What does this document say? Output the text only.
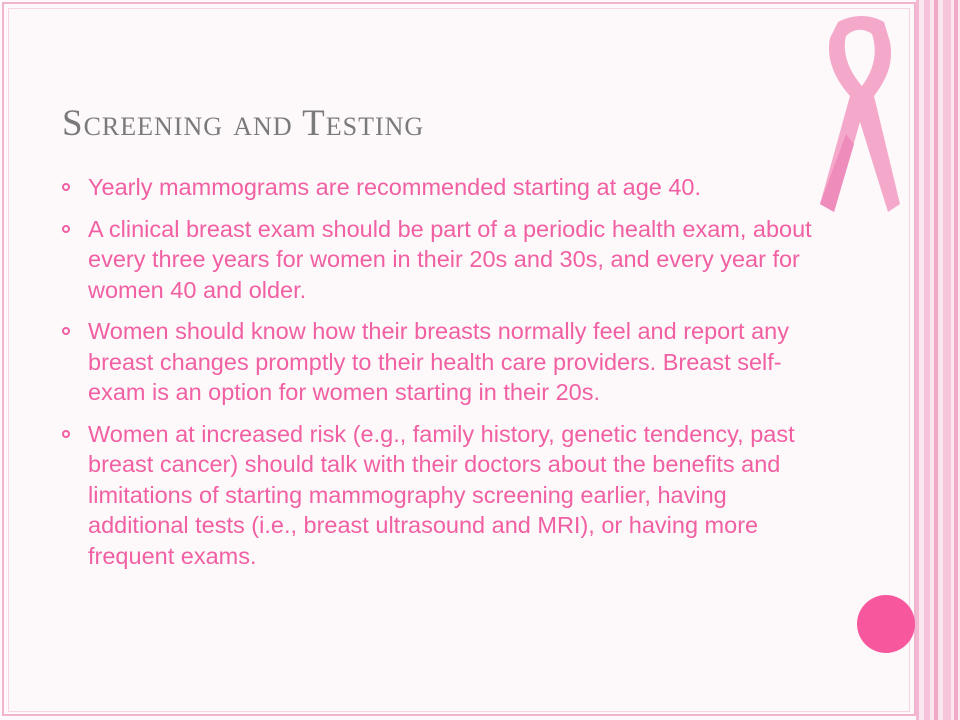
Screening and Testing
Yearly mammograms are recommended starting at age 40.
A clinical breast exam should be part of a periodic health exam, about every three years for women in their 20s and 30s, and every year for women 40 and older.
Women should know how their breasts normally feel and report any breast changes promptly to their health care providers. Breast self-exam is an option for women starting in their 20s.
Women at increased risk (e.g., family history, genetic tendency, past breast cancer) should talk with their doctors about the benefits and limitations of starting mammography screening earlier, having additional tests (i.e., breast ultrasound and MRI), or having more frequent exams.
